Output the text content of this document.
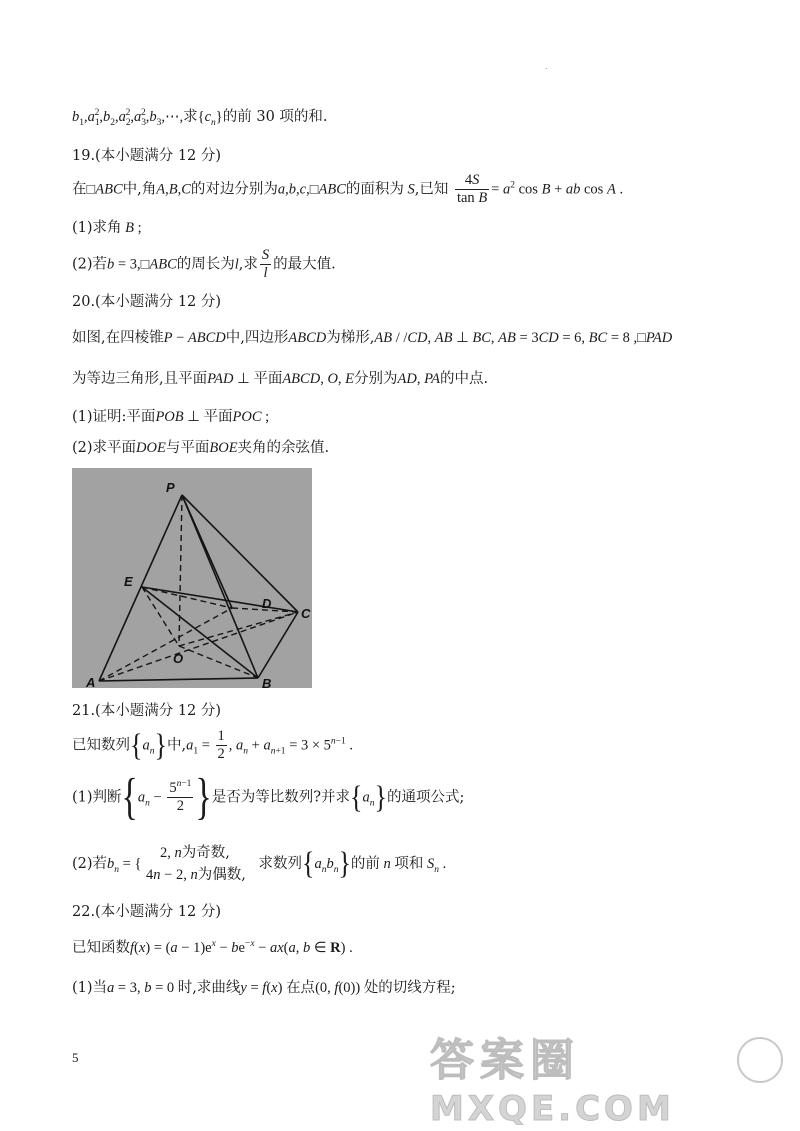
.
$b_1,a_1^2,b_2,a_2^2,a_3^2,b_3,\cdots$,求$\{c_n\}$的前 30 项的和.
19.(本小题满分 12 分)
在□ABC中,角A,B,C的对边分别为a,b,c,□ABC的面积为 S,已知 $\frac{4S}{\text{tan B}} = a^2$ cos B + ab cos A .
(1)求角 B ;
(2)若b = 3,□ABC的周长为l,求 $\frac{S}{l}$ 的最大值.
20.(本小题满分 12 分)
如图,在四棱锥P − ABCD中,四边形ABCD为梯形,AB / /CD, AB ⊥ BC, AB = 3CD = 6, BC = 8 ,□PAD
为等边三角形,且平面PAD ⊥ 平面ABCD, O, E分别为AD, PA的中点.
(1)证明:平面POB ⊥ 平面POC ;
(2)求平面DOE与平面BOE夹角的余弦值.
P
E
D
C
O
A	B
21.(本小题满分 12 分)
已知数列$\{a_n\}$中$,a_1 = \frac{1}{2}$ , $a_n + a_{n+1} = 3 \times 5^{n-1}$ .
(1)判断{$a_n - \frac{5^{n-1}}{2}$ }是否为等比数列?并求$\{a_n\}$的通项公式;
(2)若$b_n$ = {
2, n为奇数,
4n − 2, n为偶数,
求数列$\{a_nb_n\}$的前 n 项和 $S_n$ .
22.(本小题满分 12 分)
已知函数$f(x) = (a - 1)e^x - be^{-x} - ax(a$, b ∈ R) .
(1)当a = 3, b = 0 时,求曲线y = f(x) 在点(0, f(0)) 处的切线方程;
5	答案圈
MXQE.COM
